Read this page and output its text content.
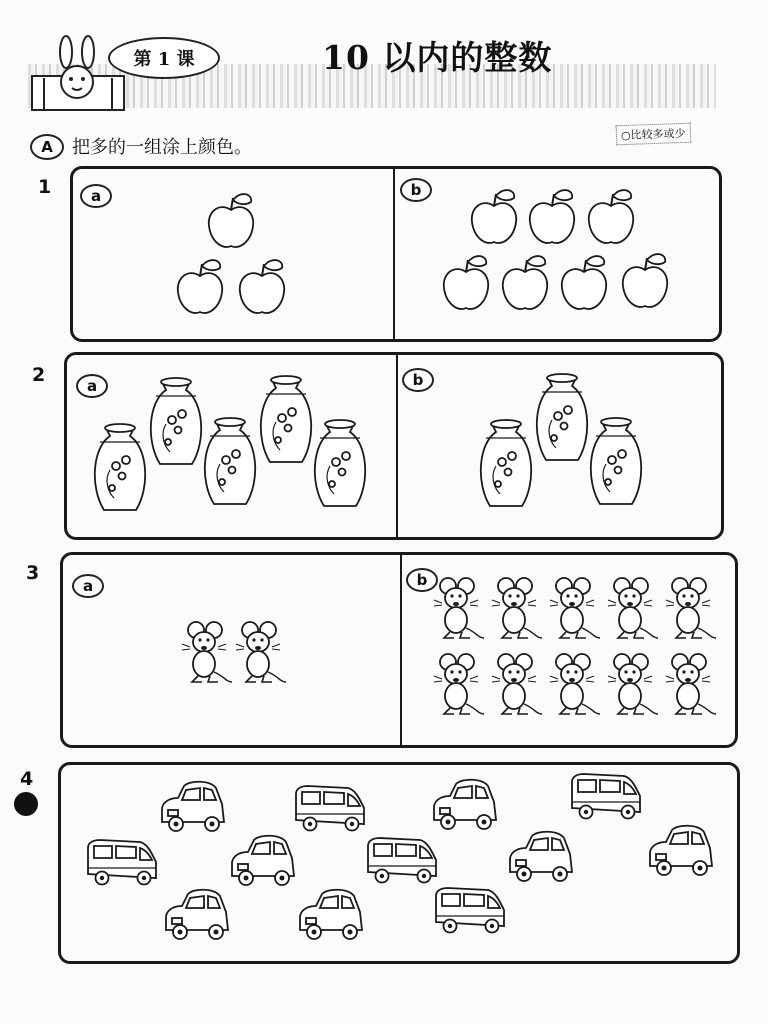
第 1 课	10 以内的整数
A	把多的一组涂上颜色。
○比较多或少
1	a	b
2	a	b
3
a	b
4
